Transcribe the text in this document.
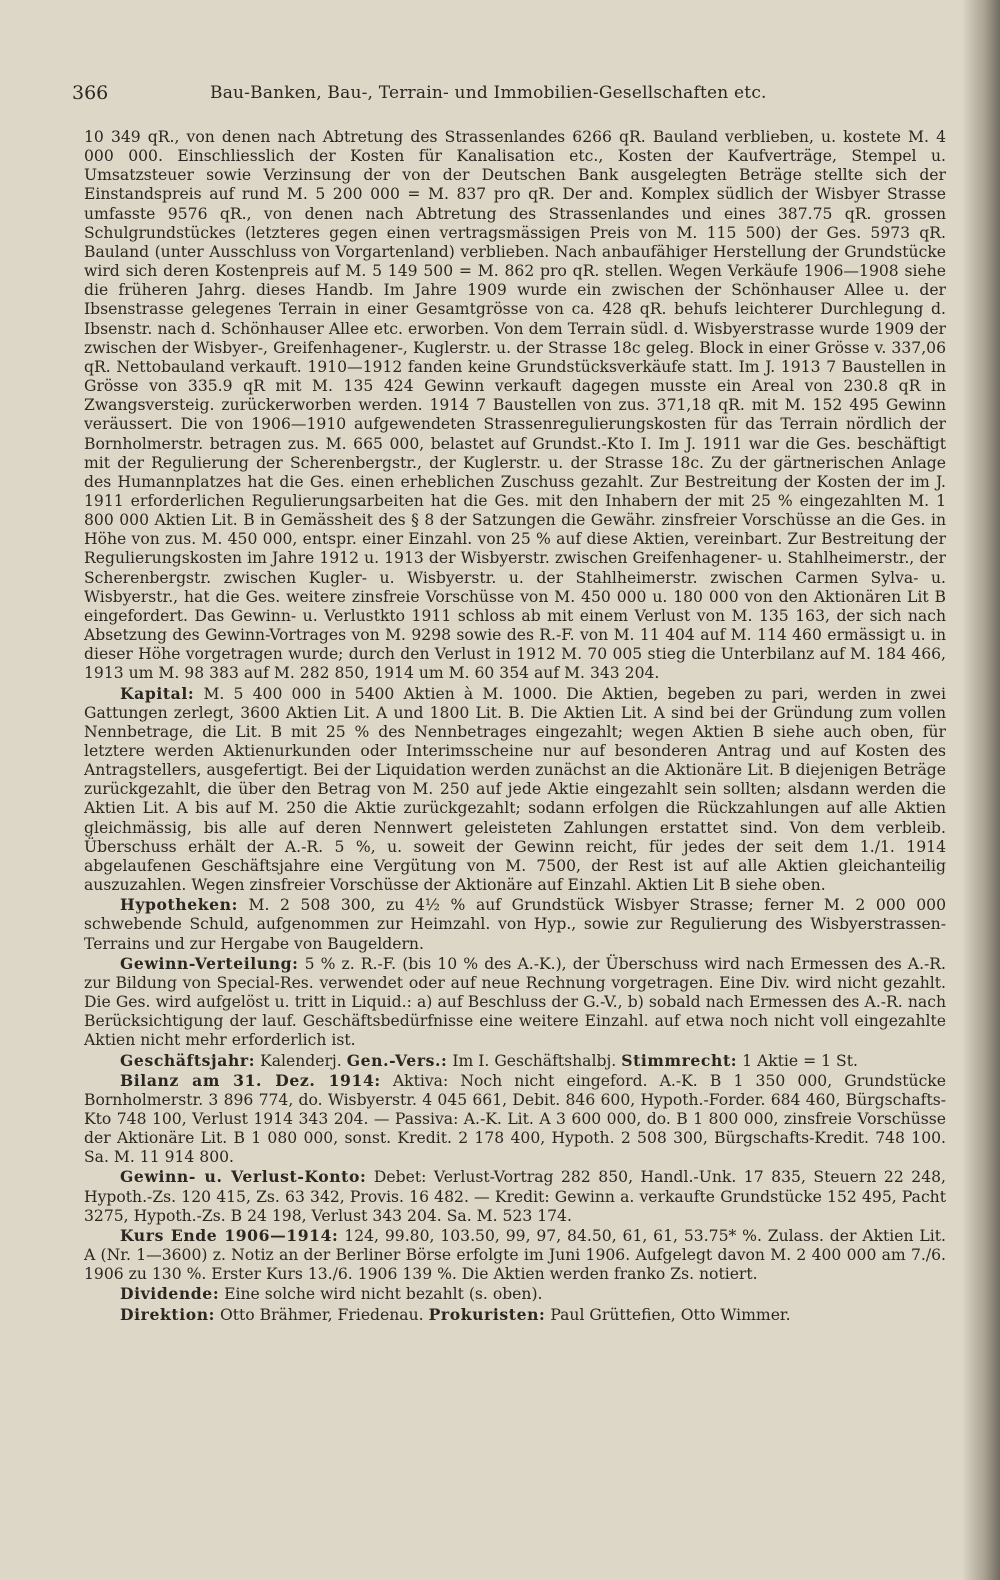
366	Bau-Banken, Bau-, Terrain- und Immobilien-Gesellschaften etc.

10 349 qR., von denen nach Abtretung des Strassenlandes 6266 qR. Bauland verblieben, u. kostete M. 4 000 000. Einschliesslich der Kosten für Kanalisation etc., Kosten der Kaufverträge, Stempel u. Umsatzsteuer sowie Verzinsung der von der Deutschen Bank ausgelegten Beträge stellte sich der Einstandspreis auf rund M. 5 200 000 = M. 837 pro qR. Der and. Komplex südlich der Wisbyer Strasse umfasste 9576 qR., von denen nach Abtretung des Strassenlandes und eines 387.75 qR. grossen Schulgrundstückes (letzteres gegen einen vertragsmässigen Preis von M. 115 500) der Ges. 5973 qR. Bauland (unter Ausschluss von Vorgartenland) verblieben. Nach anbaufähiger Herstellung der Grundstücke wird sich deren Kostenpreis auf M. 5 149 500 = M. 862 pro qR. stellen. Wegen Verkäufe 1906—1908 siehe die früheren Jahrg. dieses Handb. Im Jahre 1909 wurde ein zwischen der Schönhauser Allee u. der Ibsenstrasse gelegenes Terrain in einer Gesamtgrösse von ca. 428 qR. behufs leichterer Durchlegung d. Ibsenstr. nach d. Schönhauser Allee etc. erworben. Von dem Terrain südl. d. Wisbyerstrasse wurde 1909 der zwischen der Wisbyer-, Greifenhagener-, Kuglerstr. u. der Strasse 18c geleg. Block in einer Grösse v. 337,06 qR. Nettobauland verkauft. 1910—1912 fanden keine Grundstücksverkäufe statt. Im J. 1913 7 Baustellen in Grösse von 335.9 qR mit M. 135 424 Gewinn verkauft dagegen musste ein Areal von 230.8 qR in Zwangsversteig. zurückerworben werden. 1914 7 Baustellen von zus. 371,18 qR. mit M. 152 495 Gewinn veräussert. Die von 1906—1910 aufgewendeten Strassenregulierungskosten für das Terrain nördlich der Bornholmerstr. betragen zus. M. 665 000, belastet auf Grundst.-Kto I. Im J. 1911 war die Ges. beschäftigt mit der Regulierung der Scherenbergstr., der Kuglerstr. u. der Strasse 18c. Zu der gärtnerischen Anlage des Humannplatzes hat die Ges. einen erheblichen Zuschuss gezahlt. Zur Bestreitung der Kosten der im J. 1911 erforderlichen Regulierungsarbeiten hat die Ges. mit den Inhabern der mit 25 % eingezahlten M. 1 800 000 Aktien Lit. B in Gemässheit des § 8 der Satzungen die Gewähr. zinsfreier Vorschüsse an die Ges. in Höhe von zus. M. 450 000, entspr. einer Einzahl. von 25 % auf diese Aktien, vereinbart. Zur Bestreitung der Regulierungskosten im Jahre 1912 u. 1913 der Wisbyerstr. zwischen Greifenhagener- u. Stahlheimerstr., der Scherenbergstr. zwischen Kugler- u. Wisbyerstr. u. der Stahlheimerstr. zwischen Carmen Sylva- u. Wisbyerstr., hat die Ges. weitere zinsfreie Vorschüsse von M. 450 000 u. 180 000 von den Aktionären Lit B eingefordert. Das Gewinn- u. Verlustkto 1911 schloss ab mit einem Verlust von M. 135 163, der sich nach Absetzung des Gewinn-Vortrages von M. 9298 sowie des R.-F. von M. 11 404 auf M. 114 460 ermässigt u. in dieser Höhe vorgetragen wurde; durch den Verlust in 1912 M. 70 005 stieg die Unterbilanz auf M. 184 466, 1913 um M. 98 383 auf M. 282 850, 1914 um M. 60 354 auf M. 343 204.

Kapital: M. 5 400 000 in 5400 Aktien à M. 1000. Die Aktien, begeben zu pari, werden in zwei Gattungen zerlegt, 3600 Aktien Lit. A und 1800 Lit. B. Die Aktien Lit. A sind bei der Gründung zum vollen Nennbetrage, die Lit. B mit 25 % des Nennbetrages eingezahlt; wegen Aktien B siehe auch oben, für letztere werden Aktienurkunden oder Interimsscheine nur auf besonderen Antrag und auf Kosten des Antragstellers, ausgefertigt. Bei der Liquidation werden zunächst an die Aktionäre Lit. B diejenigen Beträge zurückgezahlt, die über den Betrag von M. 250 auf jede Aktie eingezahlt sein sollten; alsdann werden die Aktien Lit. A bis auf M. 250 die Aktie zurückgezahlt; sodann erfolgen die Rückzahlungen auf alle Aktien gleichmässig, bis alle auf deren Nennwert geleisteten Zahlungen erstattet sind. Von dem verbleib. Überschuss erhält der A.-R. 5 %, u. soweit der Gewinn reicht, für jedes der seit dem 1./1. 1914 abgelaufenen Geschäftsjahre eine Vergütung von M. 7500, der Rest ist auf alle Aktien gleichanteilig auszuzahlen. Wegen zinsfreier Vorschüsse der Aktionäre auf Einzahl. Aktien Lit B siehe oben.

Hypotheken: M. 2 508 300, zu 4½ % auf Grundstück Wisbyer Strasse; ferner M. 2 000 000 schwebende Schuld, aufgenommen zur Heimzahl. von Hyp., sowie zur Regulierung des Wisbyerstrassen-Terrains und zur Hergabe von Baugeldern.

Gewinn-Verteilung: 5 % z. R.-F. (bis 10 % des A.-K.), der Überschuss wird nach Ermessen des A.-R. zur Bildung von Special-Res. verwendet oder auf neue Rechnung vorgetragen. Eine Div. wird nicht gezahlt. Die Ges. wird aufgelöst u. tritt in Liquid.: a) auf Beschluss der G.-V., b) sobald nach Ermessen des A.-R. nach Berücksichtigung der lauf. Geschäftsbedürfnisse eine weitere Einzahl. auf etwa noch nicht voll eingezahlte Aktien nicht mehr erforderlich ist.

Geschäftsjahr: Kalenderj. Gen.-Vers.: Im I. Geschäftshalbj. Stimmrecht: 1 Aktie = 1 St.

Bilanz am 31. Dez. 1914: Aktiva: Noch nicht eingeford. A.-K. B 1 350 000, Grundstücke Bornholmerstr. 3 896 774, do. Wisbyerstr. 4 045 661, Debit. 846 600, Hypoth.-Forder. 684 460, Bürgschafts-Kto 748 100, Verlust 1914 343 204. — Passiva: A.-K. Lit. A 3 600 000, do. B 1 800 000, zinsfreie Vorschüsse der Aktionäre Lit. B 1 080 000, sonst. Kredit. 2 178 400, Hypoth. 2 508 300, Bürgschafts-Kredit. 748 100. Sa. M. 11 914 800.

Gewinn- u. Verlust-Konto: Debet: Verlust-Vortrag 282 850, Handl.-Unk. 17 835, Steuern 22 248, Hypoth.-Zs. 120 415, Zs. 63 342, Provis. 16 482. — Kredit: Gewinn a. verkaufte Grundstücke 152 495, Pacht 3275, Hypoth.-Zs. B 24 198, Verlust 343 204. Sa. M. 523 174.

Kurs Ende 1906—1914: 124, 99.80, 103.50, 99, 97, 84.50, 61, 61, 53.75* %. Zulass. der Aktien Lit. A (Nr. 1—3600) z. Notiz an der Berliner Börse erfolgte im Juni 1906. Aufgelegt davon M. 2 400 000 am 7./6. 1906 zu 130 %. Erster Kurs 13./6. 1906 139 %. Die Aktien werden franko Zs. notiert.

Dividende: Eine solche wird nicht bezahlt (s. oben).

Direktion: Otto Brähmer, Friedenau. Prokuristen: Paul Grüttefien, Otto Wimmer.
